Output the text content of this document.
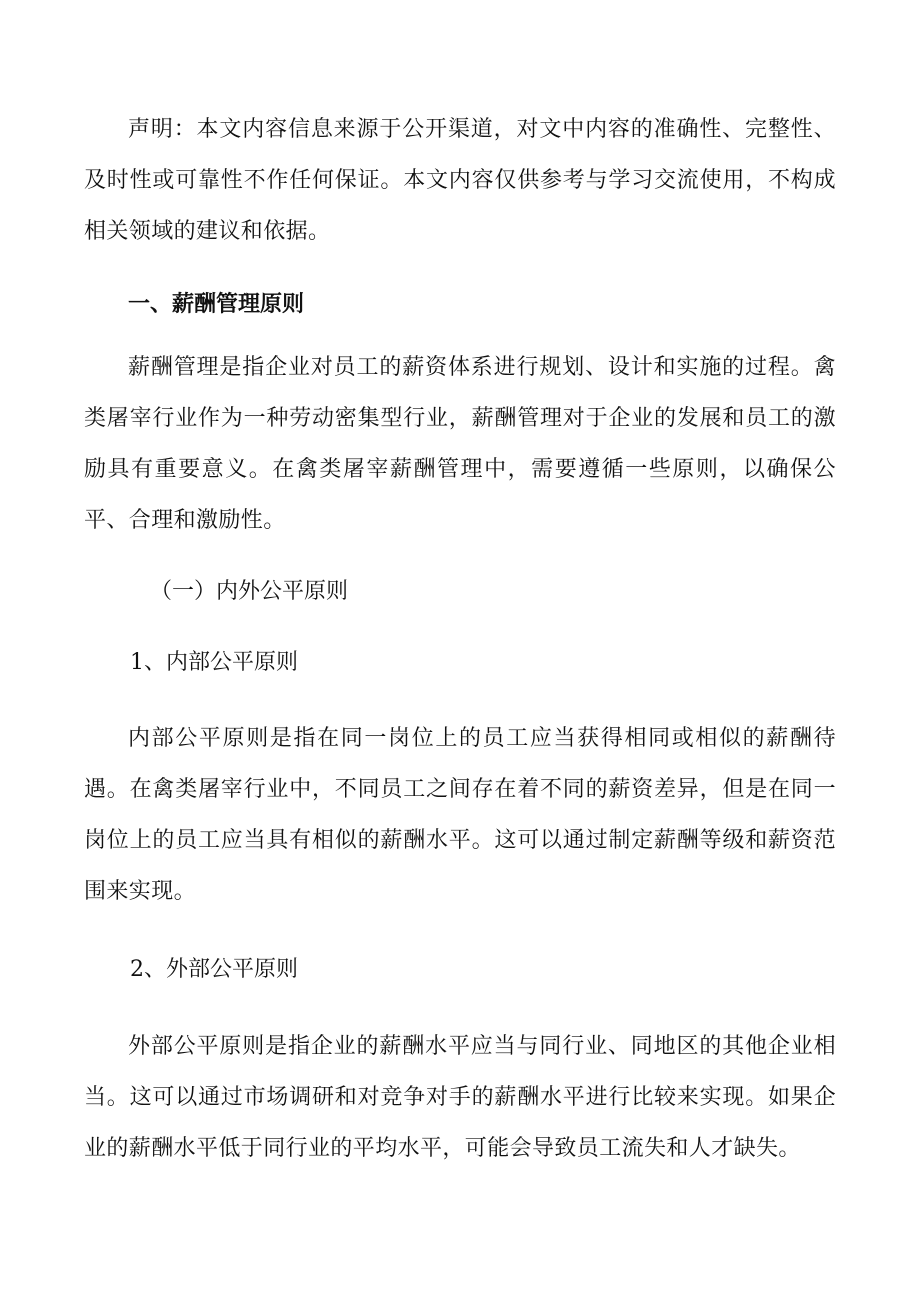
声明：本文内容信息来源于公开渠道，对文中内容的准确性、完整性、及时性或可靠性不作任何保证。本文内容仅供参考与学习交流使用，不构成相关领域的建议和依据。

一、薪酬管理原则

薪酬管理是指企业对员工的薪资体系进行规划、设计和实施的过程。禽类屠宰行业作为一种劳动密集型行业，薪酬管理对于企业的发展和员工的激励具有重要意义。在禽类屠宰薪酬管理中，需要遵循一些原则，以确保公平、合理和激励性。

（一）内外公平原则

1、内部公平原则

内部公平原则是指在同一岗位上的员工应当获得相同或相似的薪酬待遇。在禽类屠宰行业中，不同员工之间存在着不同的薪资差异，但是在同一岗位上的员工应当具有相似的薪酬水平。这可以通过制定薪酬等级和薪资范围来实现。

2、外部公平原则

外部公平原则是指企业的薪酬水平应当与同行业、同地区的其他企业相当。这可以通过市场调研和对竞争对手的薪酬水平进行比较来实现。如果企业的薪酬水平低于同行业的平均水平，可能会导致员工流失和人才缺失。
